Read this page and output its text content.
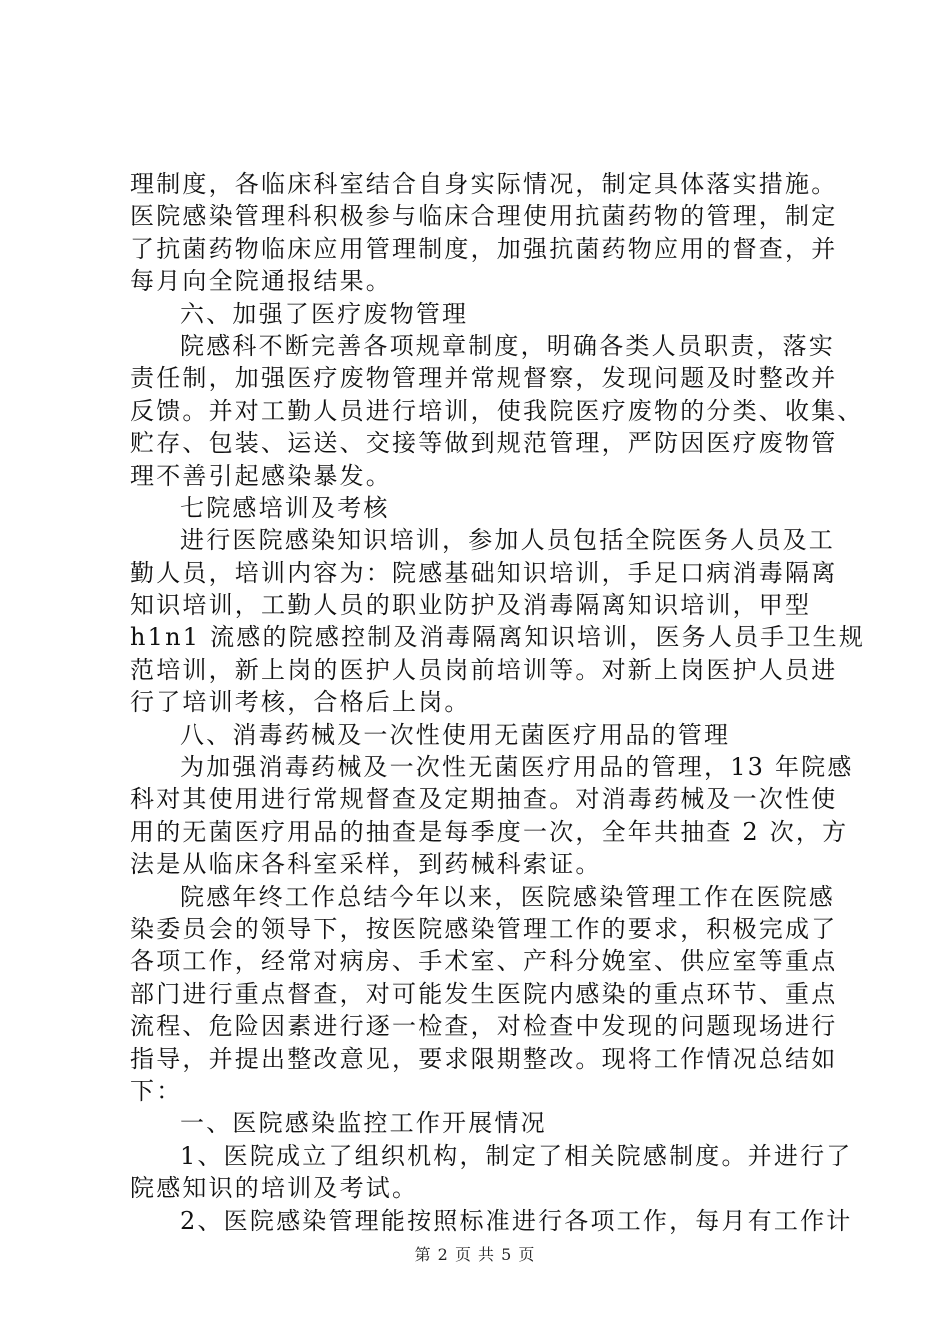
理制度，各临床科室结合自身实际情况，制定具体落实措施。
医院感染管理科积极参与临床合理使用抗菌药物的管理，制定
了抗菌药物临床应用管理制度，加强抗菌药物应用的督查，并
每月向全院通报结果。
六、加强了医疗废物管理
院感科不断完善各项规章制度，明确各类人员职责，落实
责任制，加强医疗废物管理并常规督察，发现问题及时整改并
反馈。并对工勤人员进行培训，使我院医疗废物的分类、收集、
贮存、包装、运送、交接等做到规范管理，严防因医疗废物管
理不善引起感染暴发。
七院感培训及考核
进行医院感染知识培训，参加人员包括全院医务人员及工
勤人员，培训内容为：院感基础知识培训，手足口病消毒隔离
知识培训，工勤人员的职业防护及消毒隔离知识培训，甲型
h1n1 流感的院感控制及消毒隔离知识培训，医务人员手卫生规
范培训，新上岗的医护人员岗前培训等。对新上岗医护人员进
行了培训考核，合格后上岗。
八、消毒药械及一次性使用无菌医疗用品的管理
为加强消毒药械及一次性无菌医疗用品的管理，13 年院感
科对其使用进行常规督查及定期抽查。对消毒药械及一次性使
用的无菌医疗用品的抽查是每季度一次，全年共抽查 2 次，方
法是从临床各科室采样，到药械科索证。
院感年终工作总结今年以来，医院感染管理工作在医院感
染委员会的领导下，按医院感染管理工作的要求，积极完成了
各项工作，经常对病房、手术室、产科分娩室、供应室等重点
部门进行重点督查，对可能发生医院内感染的重点环节、重点
流程、危险因素进行逐一检查，对检查中发现的问题现场进行
指导，并提出整改意见，要求限期整改。现将工作情况总结如
下：
一、医院感染监控工作开展情况
1、医院成立了组织机构，制定了相关院感制度。并进行了
院感知识的培训及考试。
2、医院感染管理能按照标准进行各项工作，每月有工作计
第 2 页 共 5 页
